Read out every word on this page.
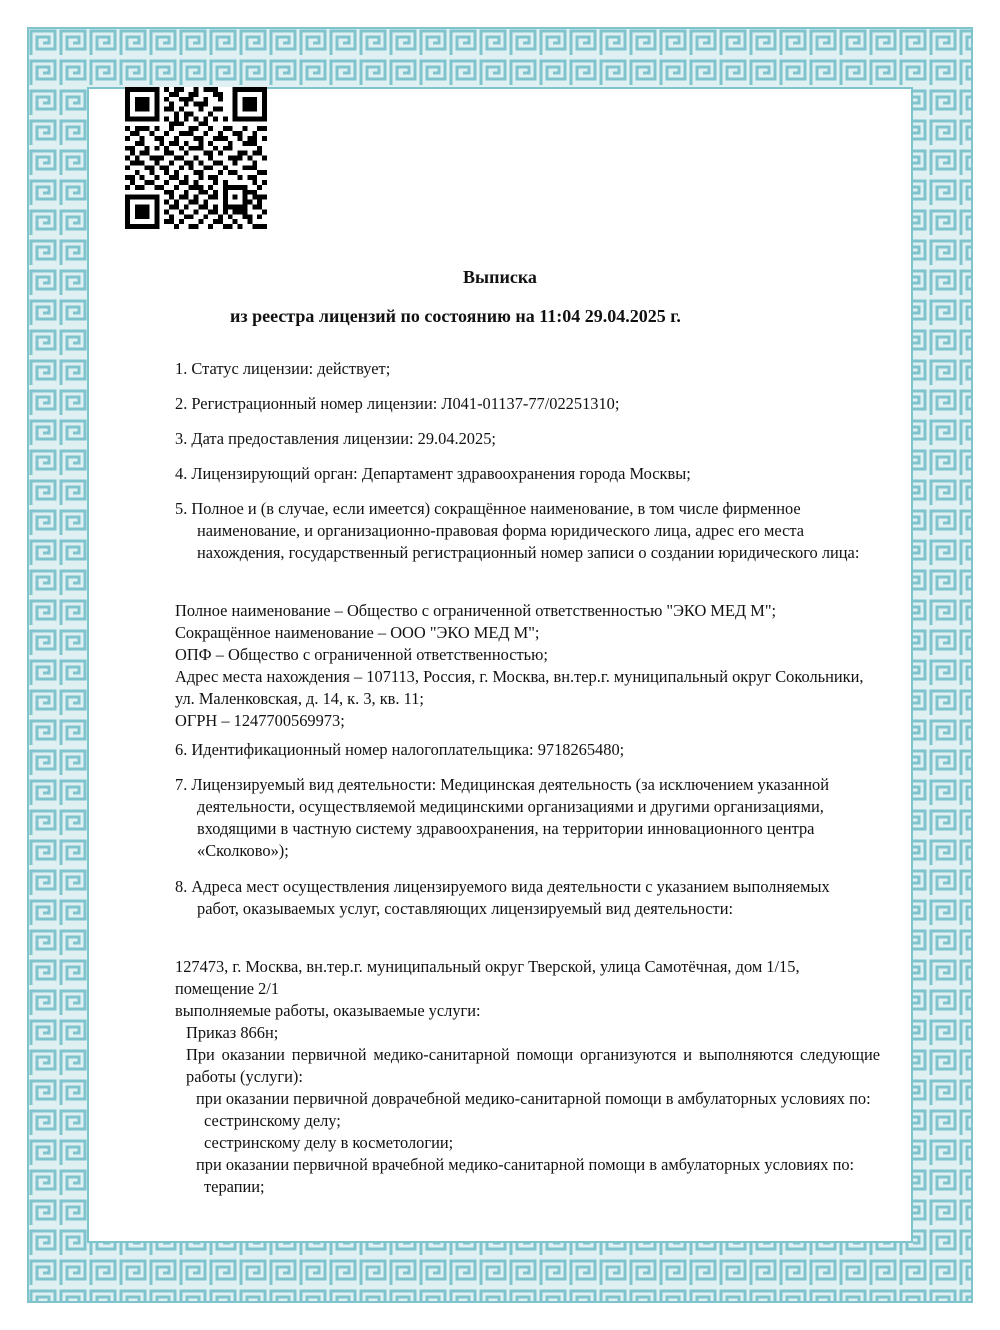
Выписка
из реестра лицензий по состоянию на 11:04 29.04.2025 г.
1. Статус лицензии: действует;
2. Регистрационный номер лицензии: Л041-01137-77/02251310;
3. Дата предоставления лицензии: 29.04.2025;
4. Лицензирующий орган: Департамент здравоохранения города Москвы;
5. Полное и (в случае, если имеется) сокращённое наименование, в том числе фирменное наименование, и организационно-правовая форма юридического лица, адрес его места нахождения, государственный регистрационный номер записи о создании юридического лица:
Полное наименование – Общество с ограниченной ответственностью "ЭКО МЕД М";
Сокращённое наименование – ООО "ЭКО МЕД М";
ОПФ – Общество с ограниченной ответственностью;
Адрес места нахождения – 107113, Россия, г. Москва, вн.тер.г. муниципальный округ Сокольники, ул. Маленковская, д. 14, к. 3, кв. 11;
ОГРН – 1247700569973;
6. Идентификационный номер налогоплательщика: 9718265480;
7. Лицензируемый вид деятельности: Медицинская деятельность (за исключением указанной деятельности, осуществляемой медицинскими организациями и другими организациями, входящими в частную систему здравоохранения, на территории инновационного центра «Сколково»);
8. Адреса мест осуществления лицензируемого вида деятельности с указанием выполняемых работ, оказываемых услуг, составляющих лицензируемый вид деятельности:
127473, г. Москва, вн.тер.г. муниципальный округ Тверской, улица Самотёчная, дом 1/15, помещение 2/1
выполняемые работы, оказываемые услуги:
Приказ 866н;
При оказании первичной медико-санитарной помощи организуются и выполняются следующие работы (услуги):
при оказании первичной доврачебной медико-санитарной помощи в амбулаторных условиях по:
сестринскому делу;
сестринскому делу в косметологии;
при оказании первичной врачебной медико-санитарной помощи в амбулаторных условиях по:
терапии;
